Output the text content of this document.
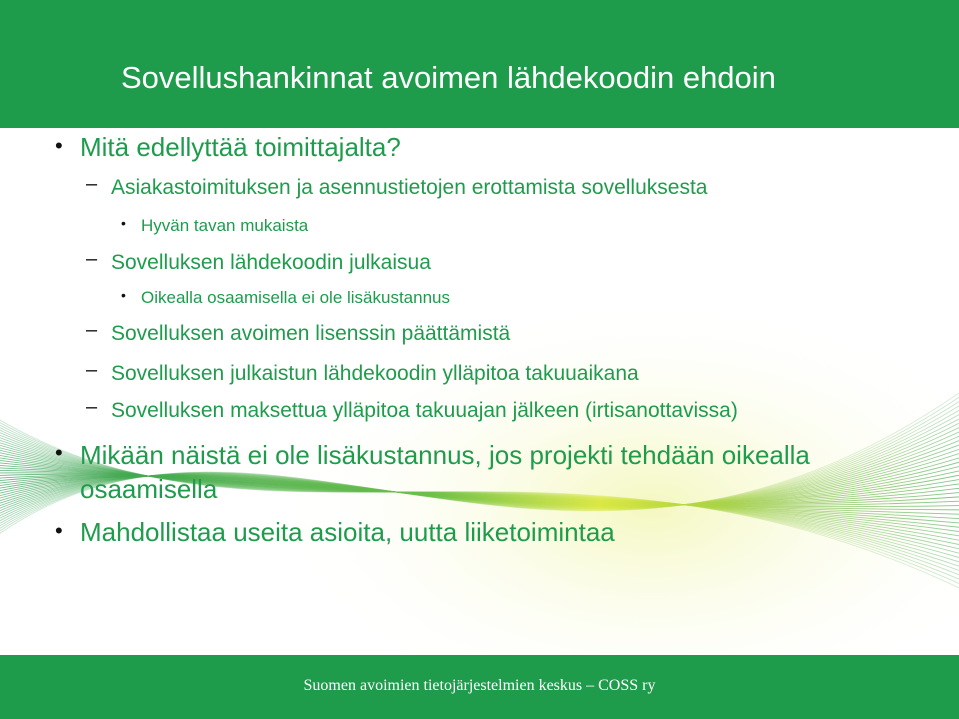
Sovellushankinnat avoimen lähdekoodin ehdoin
• Mitä edellyttää toimittajalta?
– Asiakastoimituksen ja asennustietojen erottamista sovelluksesta
• Hyvän tavan mukaista
– Sovelluksen lähdekoodin julkaisua
• Oikealla osaamisella ei ole lisäkustannus
– Sovelluksen avoimen lisenssin päättämistä
– Sovelluksen julkaistun lähdekoodin ylläpitoa takuuaikana
– Sovelluksen maksettua ylläpitoa takuuajan jälkeen (irtisanottavissa)
• Mikään näistä ei ole lisäkustannus, jos projekti tehdään oikealla osaamisella
• Mahdollistaa useita asioita, uutta liiketoimintaa
Suomen avoimien tietojärjestelmien keskus – COSS ry
